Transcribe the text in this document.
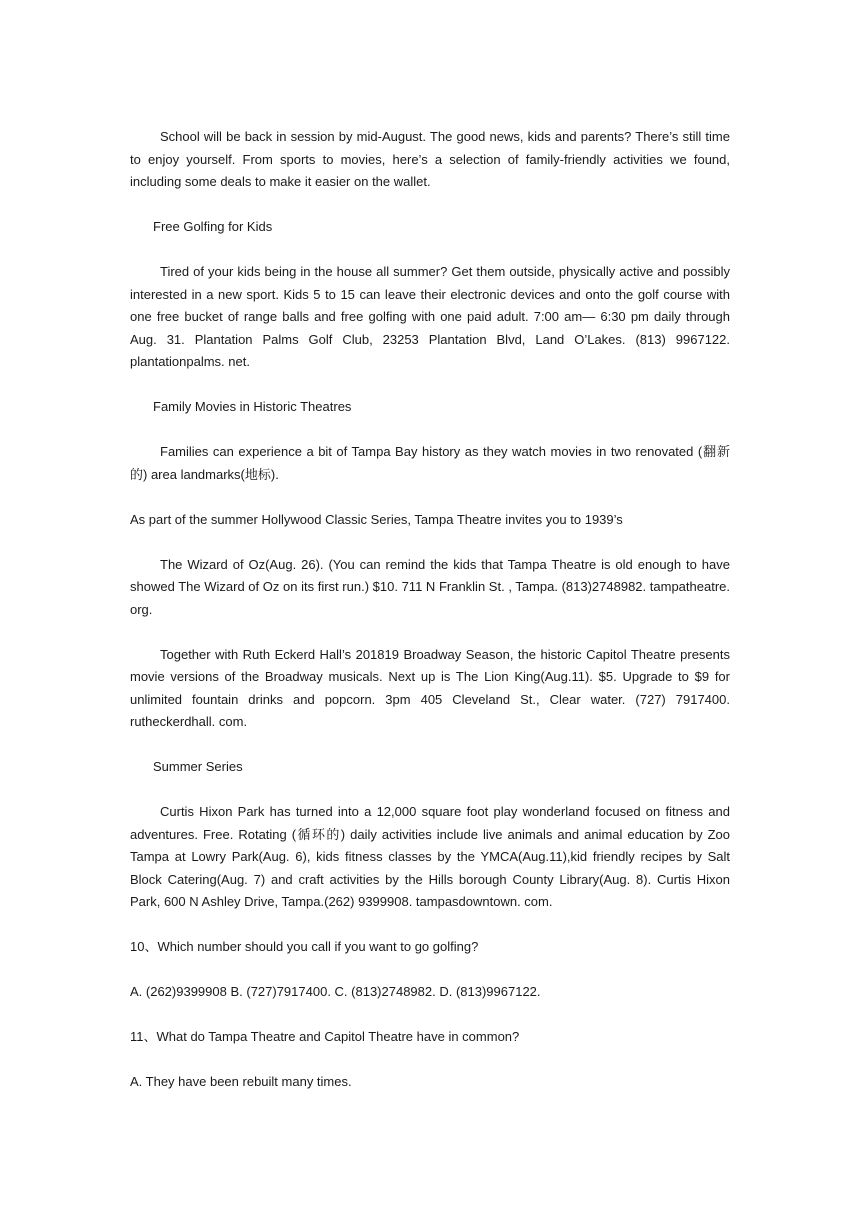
School will be back in session by mid-August. The good news, kids and parents? There’s still time to enjoy yourself. From sports to movies, here’s a selection of family-friendly activities we found, including some deals to make it easier on the wallet.

Free Golfing for Kids

Tired of your kids being in the house all summer? Get them outside, physically active and possibly interested in a new sport. Kids 5 to 15 can leave their electronic devices and onto the golf course with one free bucket of range balls and free golfing with one paid adult. 7:00 am— 6:30 pm daily through Aug. 31. Plantation Palms Golf Club, 23253 Plantation Blvd, Land O’Lakes. (813) 9967122. plantationpalms. net.

Family Movies in Historic Theatres

Families can experience a bit of Tampa Bay history as they watch movies in two renovated (翻新的) area landmarks(地标).

As part of the summer Hollywood Classic Series, Tampa Theatre invites you to 1939’s

The Wizard of Oz(Aug. 26). (You can remind the kids that Tampa Theatre is old enough to have showed The Wizard of Oz on its first run.) $10. 711 N Franklin St. , Tampa. (813)2748982. tampatheatre. org.

Together with Ruth Eckerd Hall’s 201819 Broadway Season, the historic Capitol Theatre presents movie versions of the Broadway musicals. Next up is The Lion King(Aug.11). $5. Upgrade to $9 for unlimited fountain drinks and popcorn. 3pm 405 Cleveland St., Clear water. (727) 7917400. rutheckerdhall. com.

Summer Series

Curtis Hixon Park has turned into a 12,000 square foot play wonderland focused on fitness and adventures. Free. Rotating (循环的) daily activities include live animals and animal education by Zoo Tampa at Lowry Park(Aug. 6), kids fitness classes by the YMCA(Aug.11),kid friendly recipes by Salt Block Catering(Aug. 7) and craft activities by the Hills borough County Library(Aug. 8). Curtis Hixon Park, 600 N Ashley Drive, Tampa.(262) 9399908. tampasdowntown. com.

10、Which number should you call if you want to go golfing?

A. (262)9399908 B. (727)7917400. C. (813)2748982. D. (813)9967122.

11、What do Tampa Theatre and Capitol Theatre have in common?

A. They have been rebuilt many times.
